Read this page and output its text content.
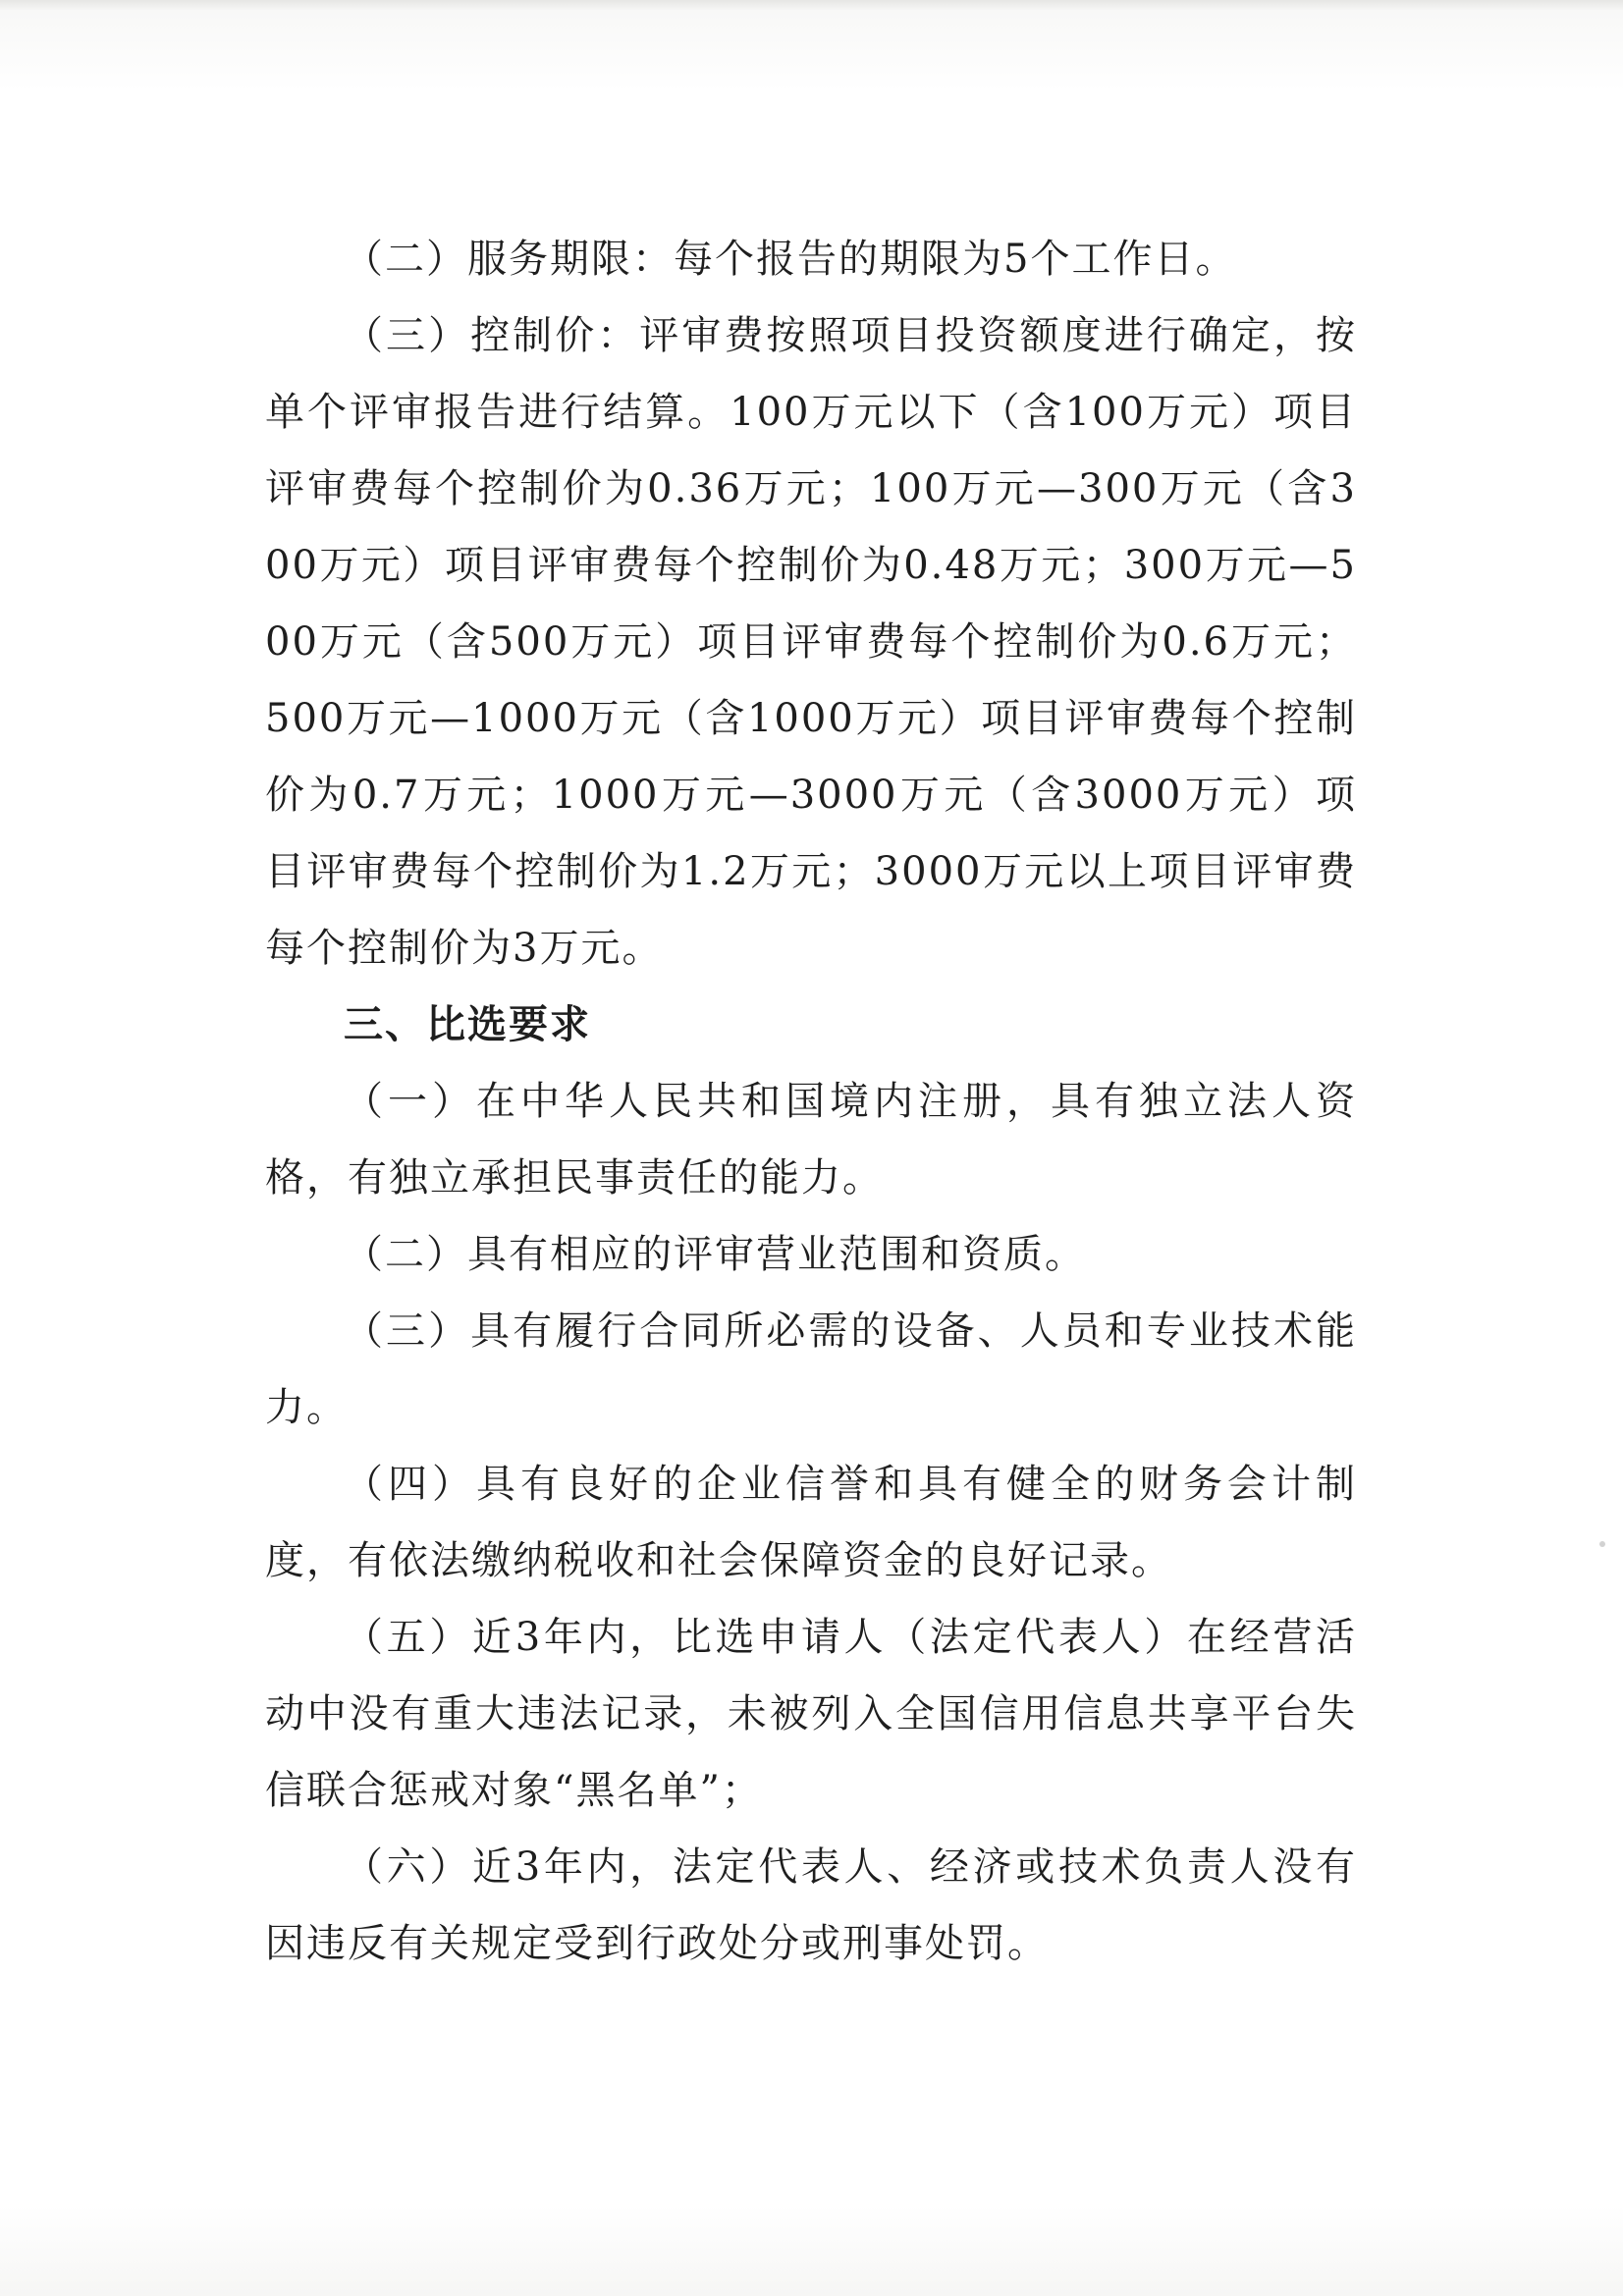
（二）服务期限：每个报告的期限为5个工作日。

（三）控制价：评审费按照项目投资额度进行确定，按单个评审报告进行结算。100万元以下（含100万元）项目评审费每个控制价为0.36万元；100万元—300万元（含300万元）项目评审费每个控制价为0.48万元；300万元—500万元（含500万元）项目评审费每个控制价为0.6万元；500万元—1000万元（含1000万元）项目评审费每个控制价为0.7万元；1000万元—3000万元（含3000万元）项目评审费每个控制价为1.2万元；3000万元以上项目评审费每个控制价为3万元。

三、比选要求

（一）在中华人民共和国境内注册，具有独立法人资格，有独立承担民事责任的能力。

（二）具有相应的评审营业范围和资质。

（三）具有履行合同所必需的设备、人员和专业技术能力。

（四）具有良好的企业信誉和具有健全的财务会计制度，有依法缴纳税收和社会保障资金的良好记录。

（五）近3年内，比选申请人（法定代表人）在经营活动中没有重大违法记录，未被列入全国信用信息共享平台失信联合惩戒对象“黑名单”；

（六）近3年内，法定代表人、经济或技术负责人没有因违反有关规定受到行政处分或刑事处罚。
